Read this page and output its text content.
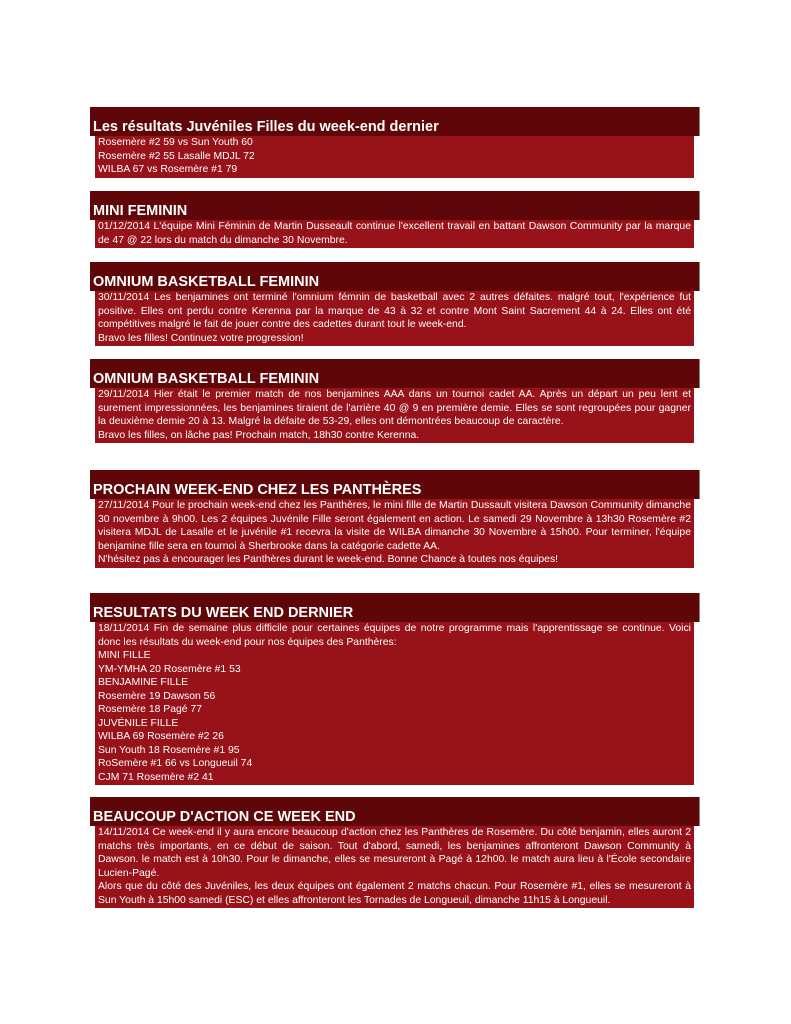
Les résultats Juvéniles Filles du week-end dernier
Rosemère #2 59 vs Sun Youth 60
Rosemère #2 55 Lasalle MDJL 72
WILBA 67 vs Rosemère #1 79
MINI FEMININ
01/12/2014 L'équipe Mini Féminin de Martin Dusseault continue l'excellent travail en battant Dawson Community par la marque de 47 @ 22 lors du match du dimanche 30 Novembre.
OMNIUM BASKETBALL FEMININ
30/11/2014 Les benjamines ont terminé l'omnium fémnin de basketball avec 2 autres défaites. malgré tout, l'expérience fut positive. Elles ont perdu contre Kerenna par la marque de 43 à 32 et contre Mont Saint Sacrement 44 à 24. Elles ont été compétitives malgré le fait de jouer contre des cadettes durant tout le week-end.
Bravo les filles! Continuez votre progression!
OMNIUM BASKETBALL FEMININ
29/11/2014 Hier était le premier match de nos benjamines AAA dans un tournoi cadet AA. Après un départ un peu lent et surement impressionnées, les benjamines tiraient de l'arrière 40 @ 9 en première demie. Elles se sont regroupées pour gagner la deuxième demie 20 à 13. Malgré la défaite de 53-29, elles ont démontrées beaucoup de caractère.
Bravo les filles, on lâche pas! Prochain match, 18h30 contre Kerenna.
PROCHAIN WEEK-END CHEZ LES PANTHÈRES
27/11/2014 Pour le prochain week-end chez les Panthères, le mini fille de Martin Dussault visitera Dawson Community dimanche 30 novembre à 9h00. Les 2 équipes Juvénile Fille seront également en action. Le samedi 29 Novembre à 13h30 Rosemère #2 visitera MDJL de Lasalle et le juvénile #1 recevra la visite de WILBA dimanche 30 Novembre à 15h00. Pour terminer, l'équipe benjamine fille sera en tournoi à Sherbrooke dans la catégorie cadette AA.
N'hésitez pas à encourager les Panthères durant le week-end. Bonne Chance à toutes nos équipes!
RESULTATS DU WEEK END DERNIER
18/11/2014 Fin de semaine plus difficile pour certaines équipes de notre programme mais l'apprentissage se continue. Voici donc les résultats du week-end pour nos équipes des Panthères:
MINI FILLE
YM-YMHA 20 Rosemère #1 53
BENJAMINE FILLE
Rosemère 19 Dawson 56
Rosemère 18 Pagé 77
JUVÉNILE FILLE
WILBA 69 Rosemère #2 26
Sun Youth 18 Rosemère #1 95
RoSemère #1 66 vs Longueuil 74
CJM 71 Rosemère #2 41
BEAUCOUP D'ACTION CE WEEK END
14/11/2014 Ce week-end il y aura encore beaucoup d'action chez les Panthères de Rosemère. Du côté benjamin, elles auront 2 matchs très importants, en ce début de saison. Tout d'abord, samedi, les benjamines affronteront Dawson Community à Dawson. le match est à 10h30. Pour le dimanche, elles se mesureront à Pagé à 12h00. le match aura lieu à l'École secondaire Lucien-Pagé.
Alors que du côté des Juvéniles, les deux équipes ont également 2 matchs chacun. Pour Rosemère #1, elles se mesureront à Sun Youth à 15h00 samedi (ESC) et elles affronteront les Tornades de Longueuil, dimanche 11h15 à Longueuil.
